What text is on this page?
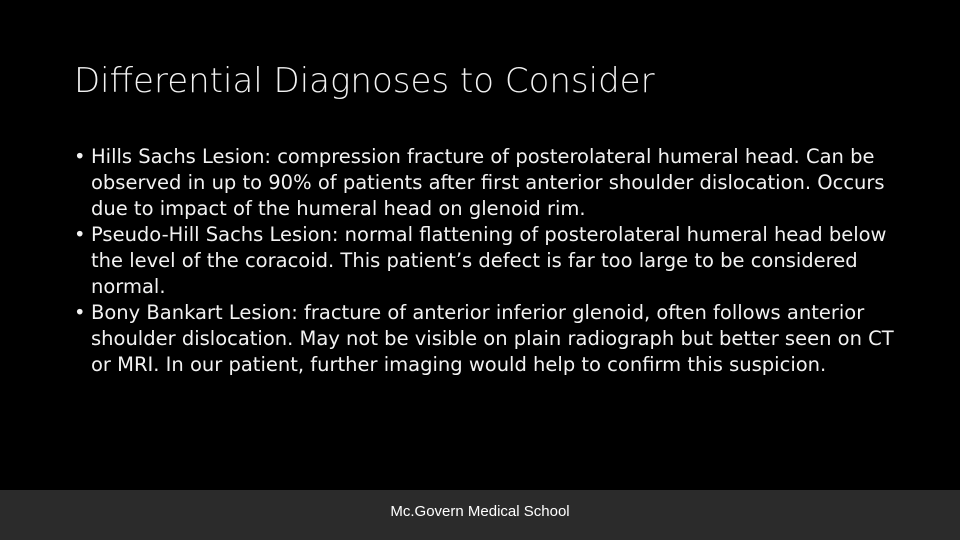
Differential Diagnoses to Consider
• Hills Sachs Lesion: compression fracture of posterolateral humeral head. Can be observed in up to 90% of patients after first anterior shoulder dislocation. Occurs due to impact of the humeral head on glenoid rim.
• Pseudo-Hill Sachs Lesion: normal flattening of posterolateral humeral head below the level of the coracoid. This patient’s defect is far too large to be considered normal.
• Bony Bankart Lesion: fracture of anterior inferior glenoid, often follows anterior shoulder dislocation. May not be visible on plain radiograph but better seen on CT or MRI. In our patient, further imaging would help to confirm this suspicion.
Mc.Govern Medical School
